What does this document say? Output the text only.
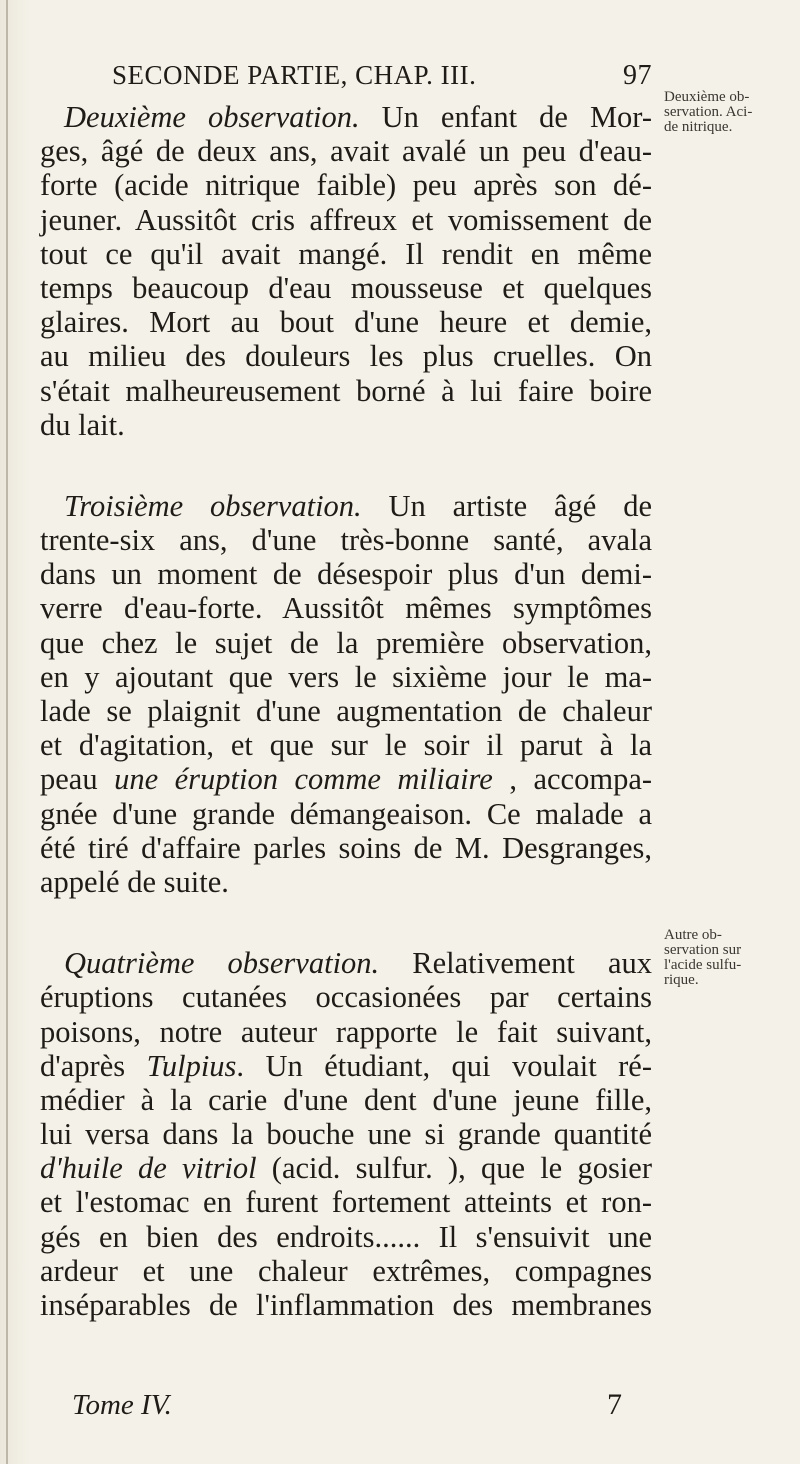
SECONDE PARTIE, CHAP. III.	97
Deuxième observation. Un enfant de Mor-
ges, âgé de deux ans, avait avalé un peu d'eau-
forte (acide nitrique faible) peu après son dé-
jeuner. Aussitôt cris affreux et vomissement de
tout ce qu'il avait mangé. Il rendit en même
temps beaucoup d'eau mousseuse et quelques
glaires. Mort au bout d'une heure et demie,
au milieu des douleurs les plus cruelles. On
s'était malheureusement borné à lui faire boire
du lait.
Troisième observation. Un artiste âgé de
trente-six ans, d'une très-bonne santé, avala
dans un moment de désespoir plus d'un demi-
verre d'eau-forte. Aussitôt mêmes symptômes
que chez le sujet de la première observation,
en y ajoutant que vers le sixième jour le ma-
lade se plaignit d'une augmentation de chaleur
et d'agitation, et que sur le soir il parut à la
peau une éruption comme miliaire , accompa-
gnée d'une grande démangeaison. Ce malade a
été tiré d'affaire parles soins de M. Desgranges,
appelé de suite.
Quatrième observation. Relativement aux
éruptions cutanées occasionées par certains
poisons, notre auteur rapporte le fait suivant,
d'après Tulpius. Un étudiant, qui voulait ré-
médier à la carie d'une dent d'une jeune fille,
lui versa dans la bouche une si grande quantité
d'huile de vitriol (acid. sulfur. ), que le gosier
et l'estomac en furent fortement atteints et ron-
gés en bien des endroits...... Il s'ensuivit une
ardeur et une chaleur extrêmes, compagnes
inséparables de l'inflammation des membranes
Deuxième ob-
servation. Aci-
de nitrique.
Autre ob-
servation sur
l'acide sulfu-
rique.
Tome IV.	7
